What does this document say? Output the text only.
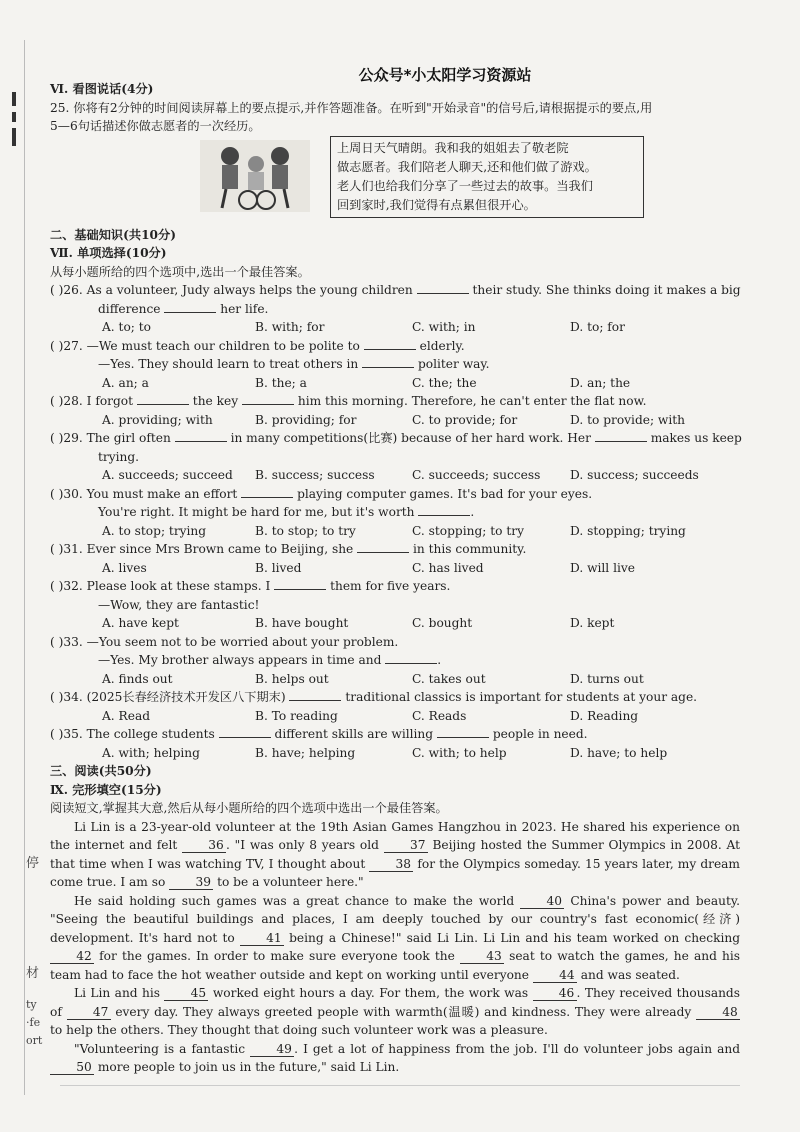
停
材
ty
·fe
ort
公众号*小太阳学习资源站
Ⅵ. 看图说话(4分)
25. 你将有2分钟的时间阅读屏幕上的要点提示,并作答题准备。在听到"开始录音"的信号后,请根据提示的要点,用
5—6句话描述你做志愿者的一次经历。
上周日天气晴朗。我和我的姐姐去了敬老院
做志愿者。我们陪老人聊天,还和他们做了游戏。
老人们也给我们分享了一些过去的故事。当我们
回到家时,我们觉得有点累但很开心。
二、基础知识(共10分)
Ⅶ. 单项选择(10分)
从每小题所给的四个选项中,选出一个最佳答案。
( )26. As a volunteer, Judy always helps the young children	their study. She thinks doing it makes a big
difference	her life.
A. to; to	B. with; for	C. with; in	D. to; for
( )27. —We must teach our children to be polite to	elderly.
—Yes. They should learn to treat others in	politer way.
A. an; a	B. the; a	C. the; the	D. an; the
( )28. I forgot	the key	him this morning. Therefore, he can't enter the flat now.
A. providing; with	B. providing; for	C. to provide; for	D. to provide; with
( )29. The girl often	in many competitions(比赛) because of her hard work. Her	makes us keep
trying.
A. succeeds; succeed B. success; success	C. succeeds; success D. success; succeeds
( )30. You must make an effort	playing computer games. It's bad for your eyes.
You're right. It might be hard for me, but it's worth	.
A. to stop; trying	B. to stop; to try	C. stopping; to try	D. stopping; trying
( )31. Ever since Mrs Brown came to Beijing, she	in this community.
A. lives	B. lived	C. has lived	D. will live
( )32. Please look at these stamps. I	them for five years.
—Wow, they are fantastic!
A. have kept	B. have bought	C. bought	D. kept
( )33. —You seem not to be worried about your problem.
—Yes. My brother always appears in time and	.
A. finds out	B. helps out	C. takes out	D. turns out
( )34. (2025长春经济技术开发区八下期末)	traditional classics is important for students at your age.
A. Read	B. To reading	C. Reads	D. Reading
( )35. The college students	different skills are willing	people in need.
A. with; helping	B. have; helping	C. with; to help	D. have; to help
三、阅读(共50分)
Ⅸ. 完形填空(15分)
阅读短文,掌握其大意,然后从每小题所给的四个选项中选出一个最佳答案。
Li Lin is a 23-year-old volunteer at the 19th Asian Games Hangzhou in 2023. He shared his experience on the internet and felt	36 . "I was only 8 years old	37 Beijing hosted the Summer Olympics in 2008. At that time when I was watching TV, I thought about 38 for the Olympics someday. 15 years later, my dream come true. I am so 39 to be a volunteer here."
He said holding such games was a great chance to make the world	40 China's power and beauty. "Seeing the beautiful buildings and places, I am deeply touched by our country's fast economic(经济) development. It's hard not to	41 being a Chinese!" said Li Lin. Li Lin and his team worked on checking 42 for the games. In order to make sure everyone took the	43 seat to watch the games, he and his team had to face the hot weather outside and kept on working until everyone 44 and was seated.
Li Lin and his	45 worked eight hours a day. For them, the work was	46 . They received thousands of	47 every day. They always greeted people with warmth(温暖) and kindness. They were already	48 to help the others. They thought that doing such volunteer work was a pleasure.
"Volunteering is a fantastic	49 . I get a lot of happiness from the job. I'll do volunteer jobs again and 50 more people to join us in the future," said Li Lin.
